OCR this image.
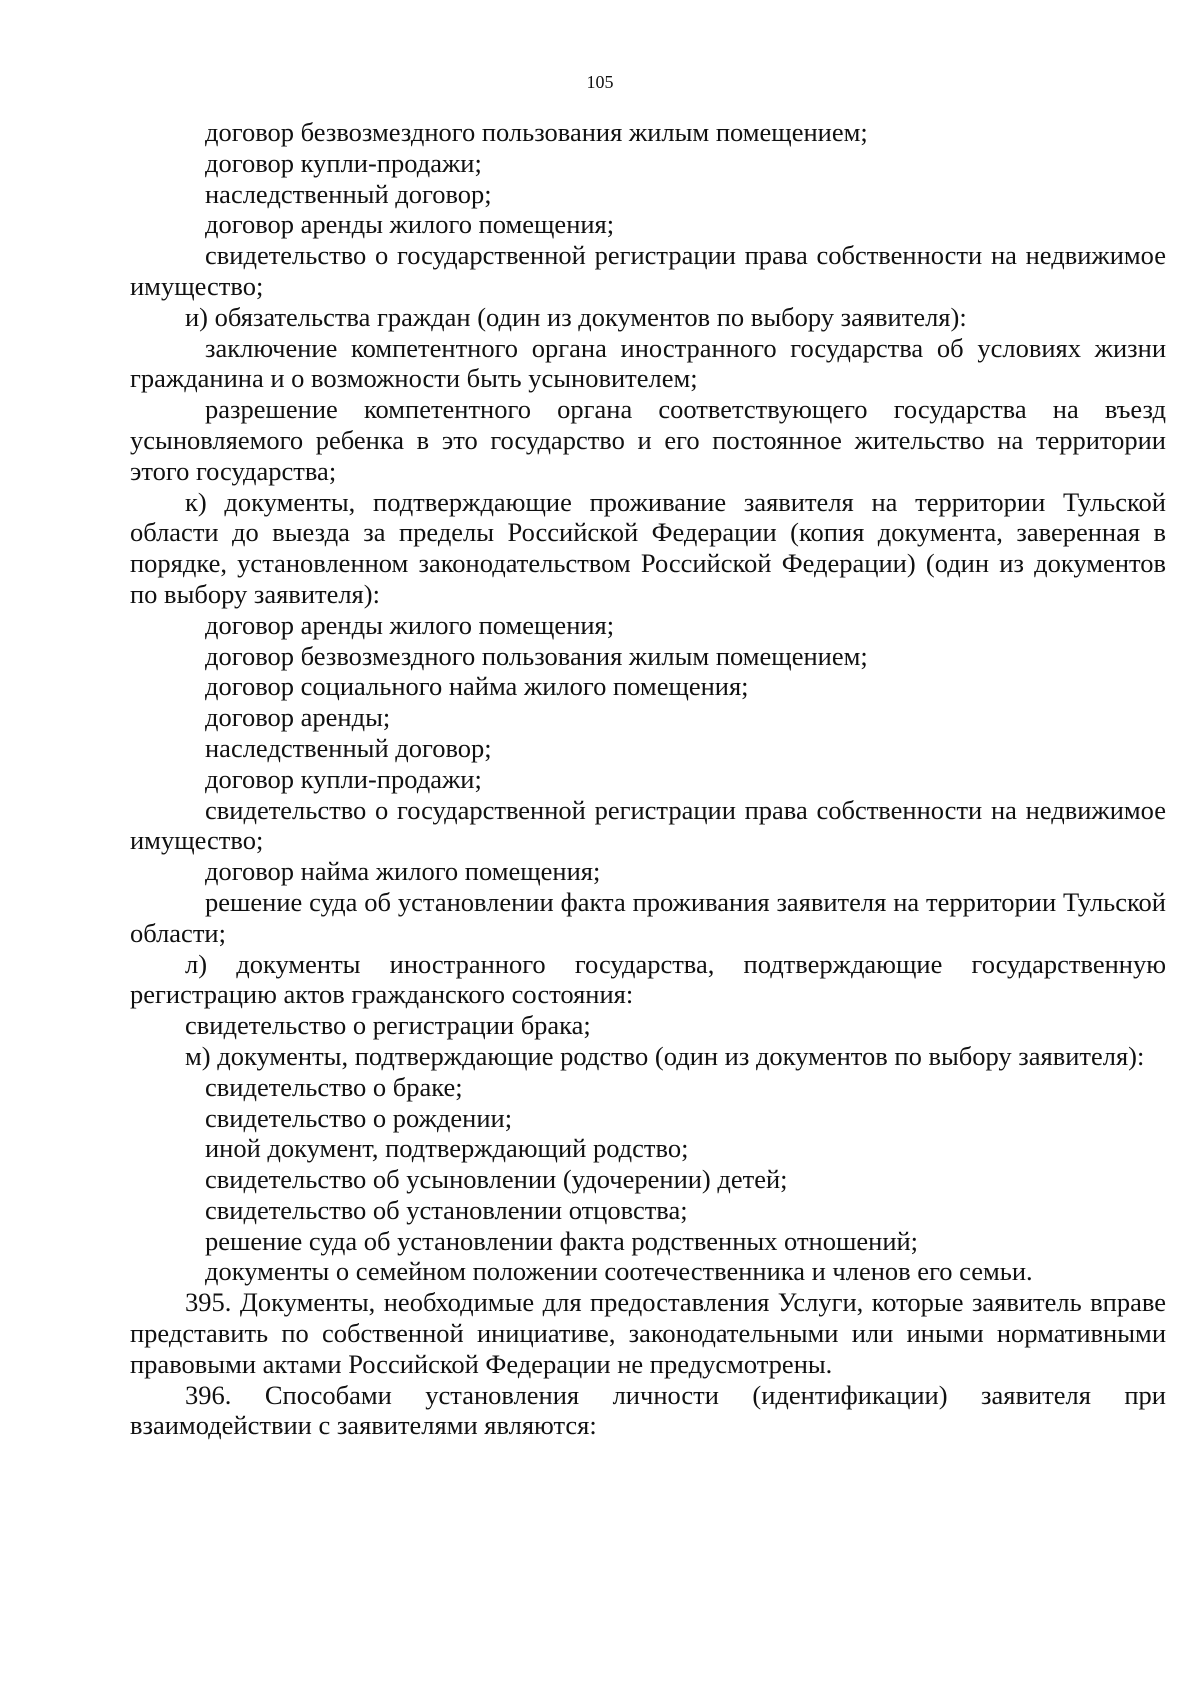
105

договор безвозмездного пользования жилым помещением;

договор купли-продажи;

наследственный договор;

договор аренды жилого помещения;

свидетельство о государственной регистрации права собственности на недвижимое имущество;

и) обязательства граждан (один из документов по выбору заявителя):

заключение компетентного органа иностранного государства об условиях жизни гражданина и о возможности быть усыновителем;

разрешение компетентного органа соответствующего государства на въезд усыновляемого ребенка в это государство и его постоянное жительство на территории этого государства;

к) документы, подтверждающие проживание заявителя на территории Тульской области до выезда за пределы Российской Федерации (копия документа, заверенная в порядке, установленном законодательством Российской Федерации) (один из документов по выбору заявителя):

договор аренды жилого помещения;

договор безвозмездного пользования жилым помещением;

договор социального найма жилого помещения;

договор аренды;

наследственный договор;

договор купли-продажи;

свидетельство о государственной регистрации права собственности на недвижимое имущество;

договор найма жилого помещения;

решение суда об установлении факта проживания заявителя на территории Тульской области;

л) документы иностранного государства, подтверждающие государственную регистрацию актов гражданского состояния:

свидетельство о регистрации брака;

м) документы, подтверждающие родство (один из документов по выбору заявителя):

свидетельство о браке;

свидетельство о рождении;

иной документ, подтверждающий родство;

свидетельство об усыновлении (удочерении) детей;

свидетельство об установлении отцовства;

решение суда об установлении факта родственных отношений;

документы о семейном положении соотечественника и членов его семьи.

395. Документы, необходимые для предоставления Услуги, которые заявитель вправе представить по собственной инициативе, законодательными или иными нормативными правовыми актами Российской Федерации не предусмотрены.

396. Способами установления личности (идентификации) заявителя при взаимодействии с заявителями являются:
